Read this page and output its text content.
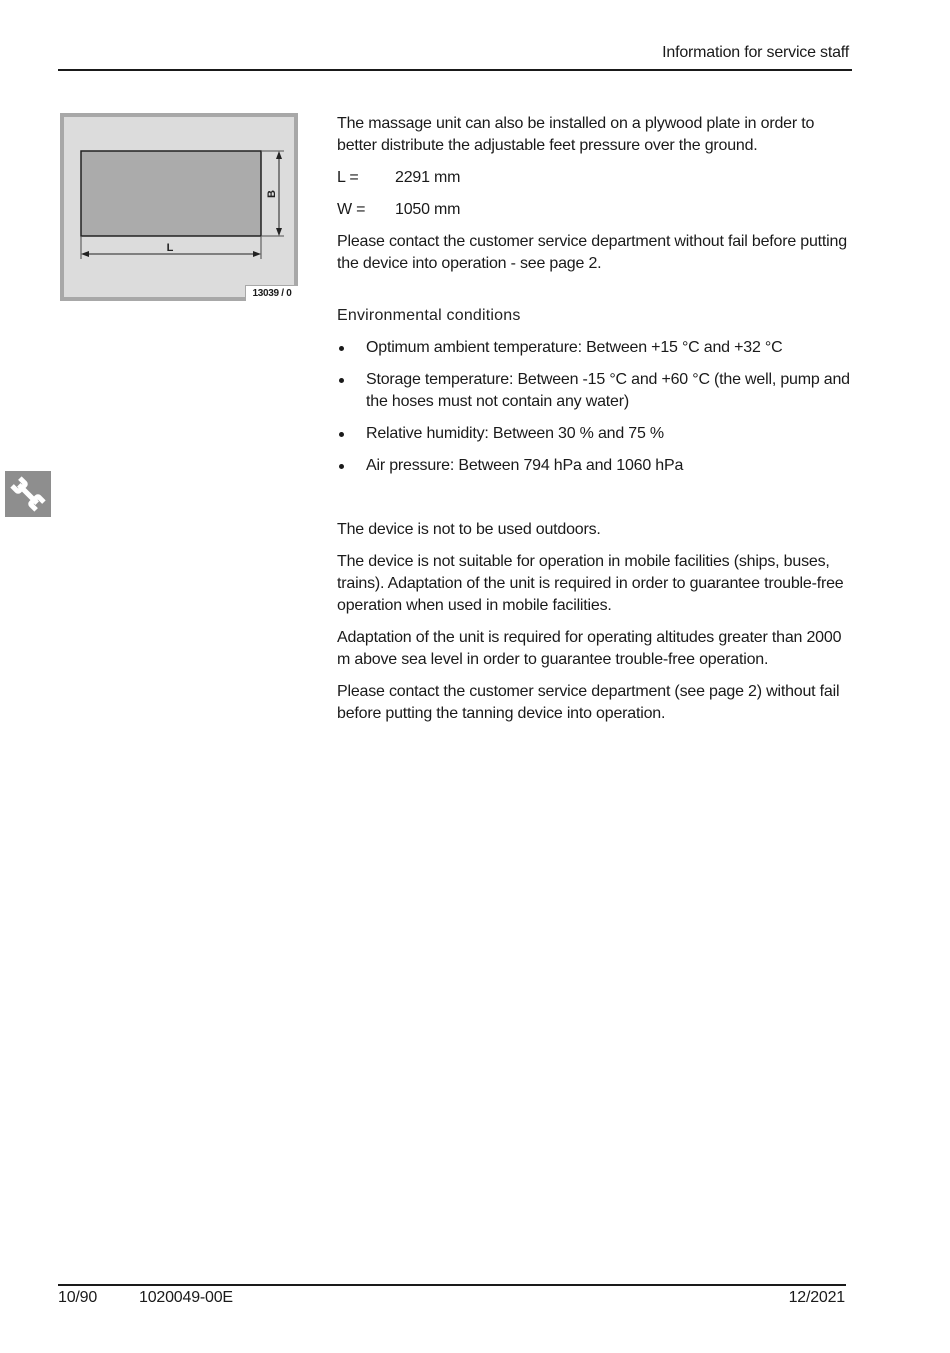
Information for service staff
L
B
13039 / 0

The massage unit can also be installed on a plywood plate in order to better distribute the adjustable feet pressure over the ground.

L =	2291 mm
W =	1050 mm

Please contact the customer service department without fail before putting the device into operation - see page 2.

Environmental conditions
Optimum ambient temperature: Between +15 °C and +32 °C
Storage temperature: Between -15 °C and +60 °C (the well, pump and the hoses must not contain any water)
Relative humidity: Between 30 % and 75 %
Air pressure: Between 794 hPa and 1060 hPa

The device is not to be used outdoors.

The device is not suitable for operation in mobile facilities (ships, buses, trains). Adaptation of the unit is required in order to guarantee trouble-free operation when used in mobile facilities.

Adaptation of the unit is required for operating altitudes greater than 2000 m above sea level in order to guarantee trouble-free operation.

Please contact the customer service department (see page 2) without fail before putting the tanning device into operation.

10/90	1020049-00E	12/2021
